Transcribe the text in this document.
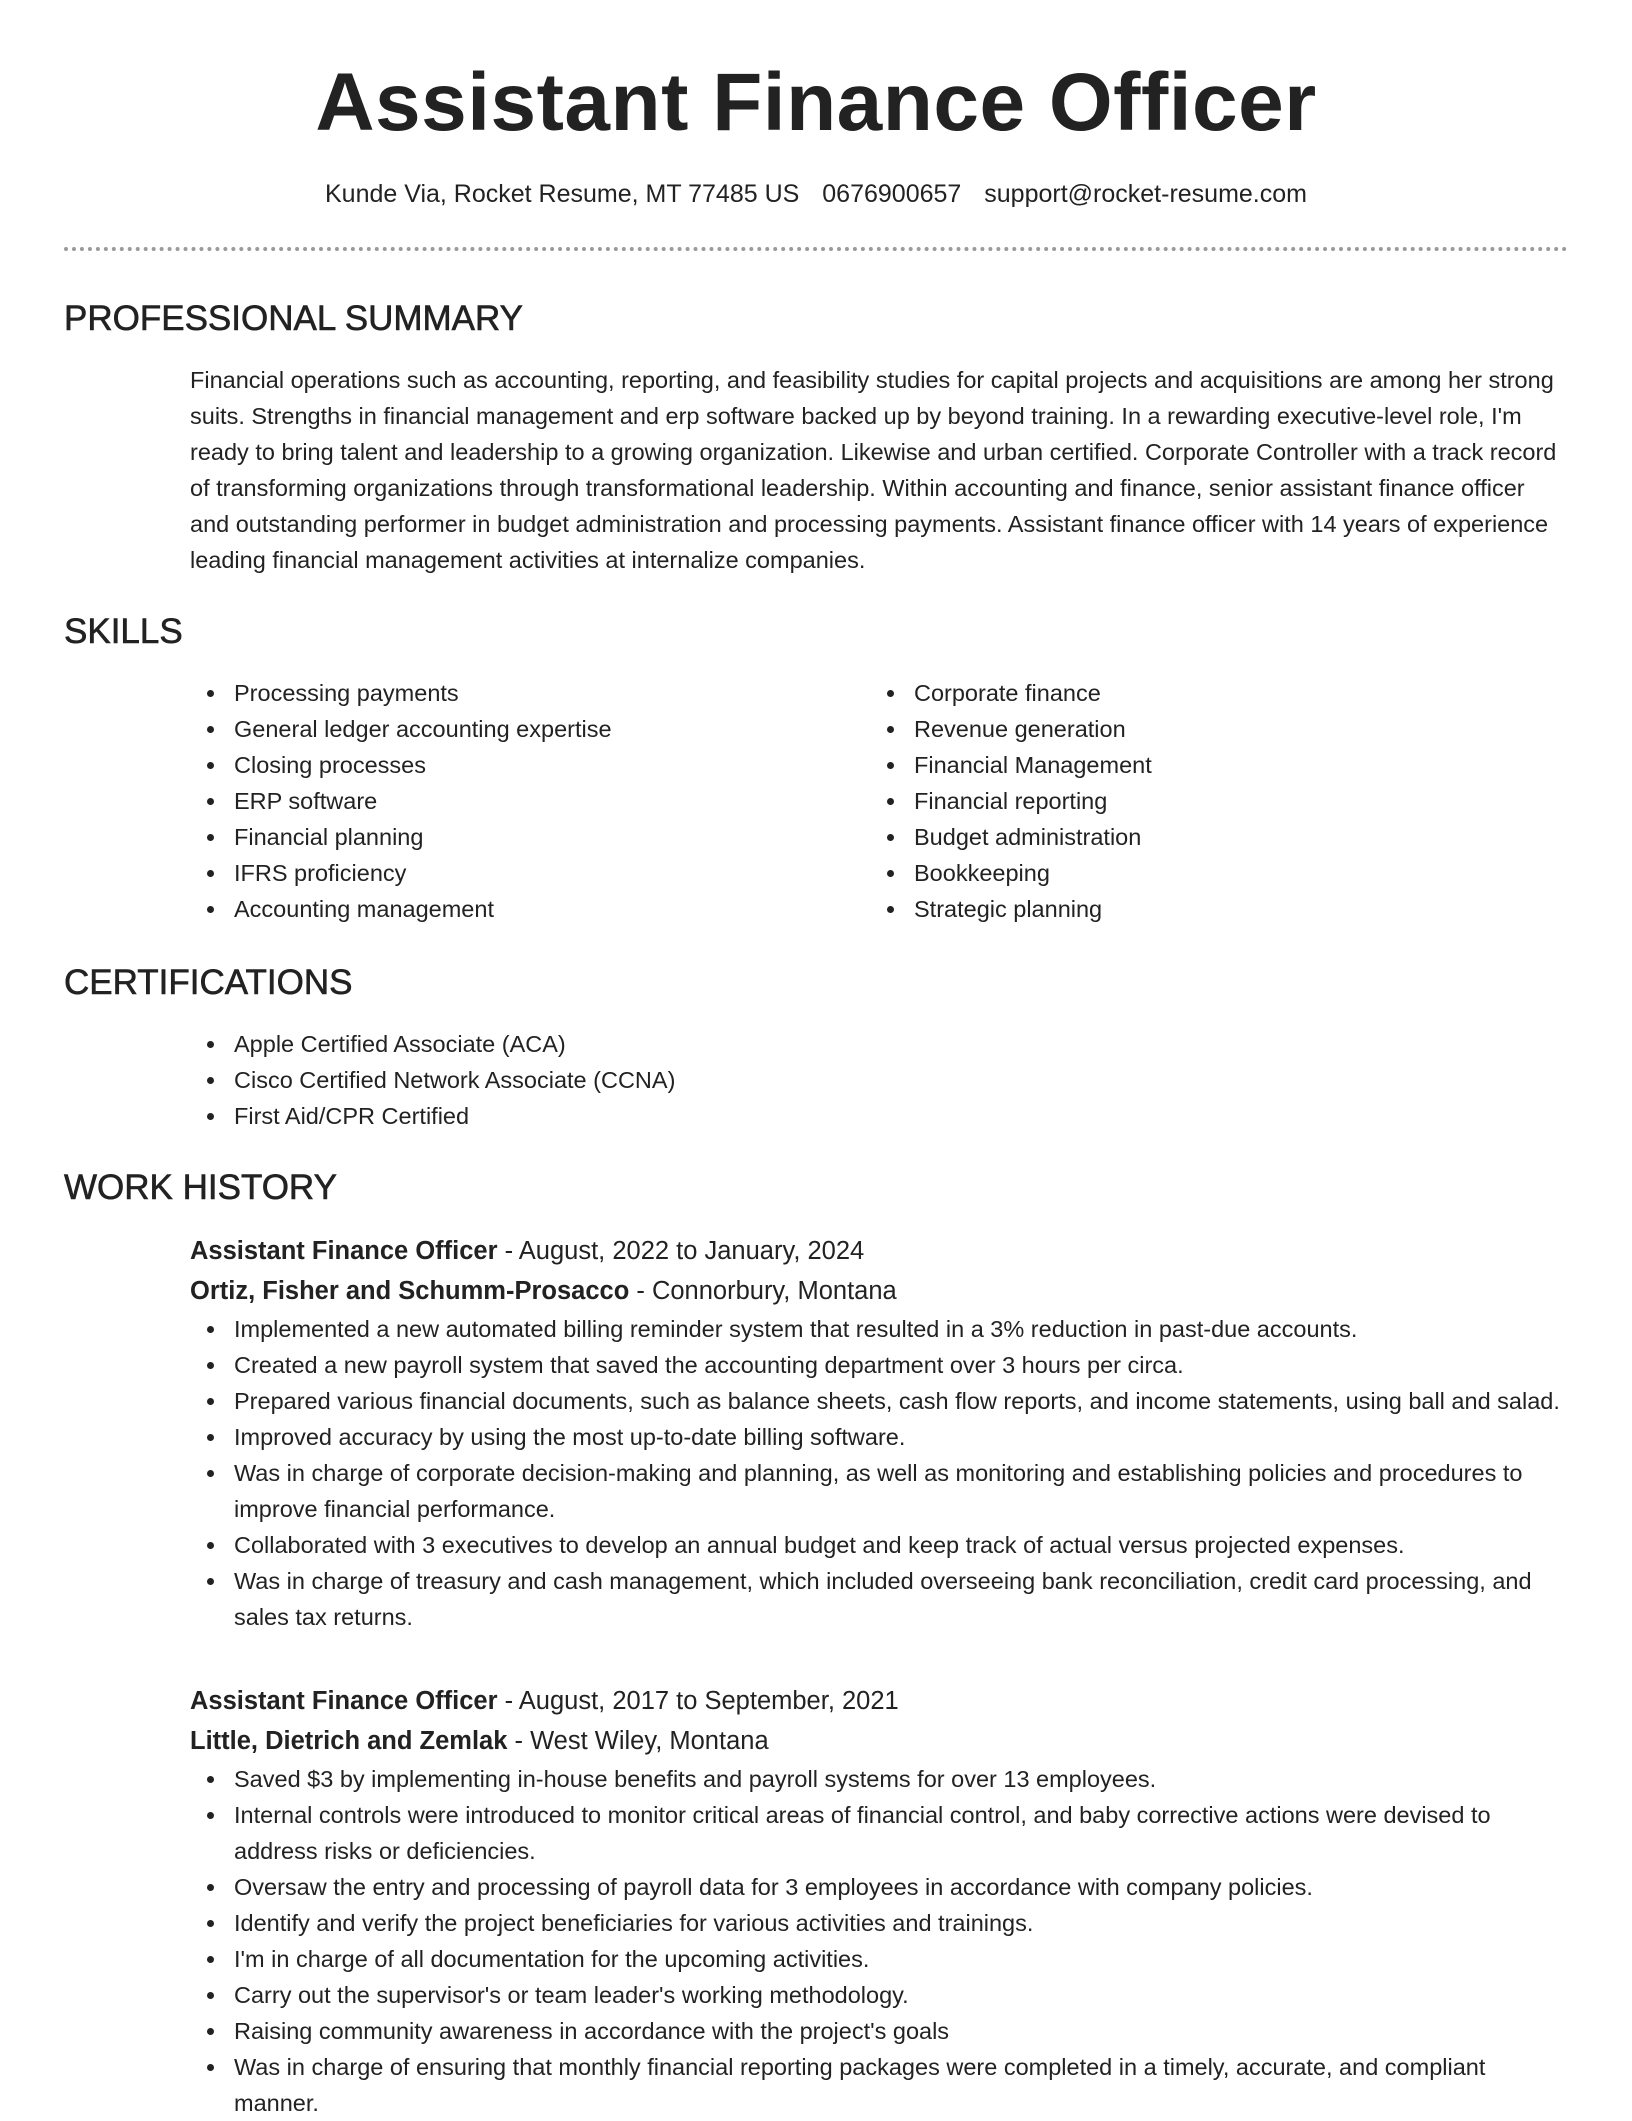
Assistant Finance Officer
Kunde Via, Rocket Resume, MT 77485 US 0676900657 support@rocket-resume.com
PROFESSIONAL SUMMARY
Financial operations such as accounting, reporting, and feasibility studies for capital projects and acquisitions are among her strong suits. Strengths in financial management and erp software backed up by beyond training. In a rewarding executive-level role, I'm ready to bring talent and leadership to a growing organization. Likewise and urban certified. Corporate Controller with a track record of transforming organizations through transformational leadership. Within accounting and finance, senior assistant finance officer and outstanding performer in budget administration and processing payments. Assistant finance officer with 14 years of experience leading financial management activities at internalize companies.
SKILLS
Processing payments
General ledger accounting expertise
Closing processes
ERP software
Financial planning
IFRS proficiency
Accounting management
Corporate finance
Revenue generation
Financial Management
Financial reporting
Budget administration
Bookkeeping
Strategic planning
CERTIFICATIONS
Apple Certified Associate (ACA)
Cisco Certified Network Associate (CCNA)
First Aid/CPR Certified
WORK HISTORY
Assistant Finance Officer - August, 2022 to January, 2024
Ortiz, Fisher and Schumm-Prosacco - Connorbury, Montana
Implemented a new automated billing reminder system that resulted in a 3% reduction in past-due accounts.
Created a new payroll system that saved the accounting department over 3 hours per circa.
Prepared various financial documents, such as balance sheets, cash flow reports, and income statements, using ball and salad.
Improved accuracy by using the most up-to-date billing software.
Was in charge of corporate decision-making and planning, as well as monitoring and establishing policies and procedures to improve financial performance.
Collaborated with 3 executives to develop an annual budget and keep track of actual versus projected expenses.
Was in charge of treasury and cash management, which included overseeing bank reconciliation, credit card processing, and sales tax returns.
Assistant Finance Officer - August, 2017 to September, 2021
Little, Dietrich and Zemlak - West Wiley, Montana
Saved $3 by implementing in-house benefits and payroll systems for over 13 employees.
Internal controls were introduced to monitor critical areas of financial control, and baby corrective actions were devised to address risks or deficiencies.
Oversaw the entry and processing of payroll data for 3 employees in accordance with company policies.
Identify and verify the project beneficiaries for various activities and trainings.
I'm in charge of all documentation for the upcoming activities.
Carry out the supervisor's or team leader's working methodology.
Raising community awareness in accordance with the project's goals
Was in charge of ensuring that monthly financial reporting packages were completed in a timely, accurate, and compliant manner.
